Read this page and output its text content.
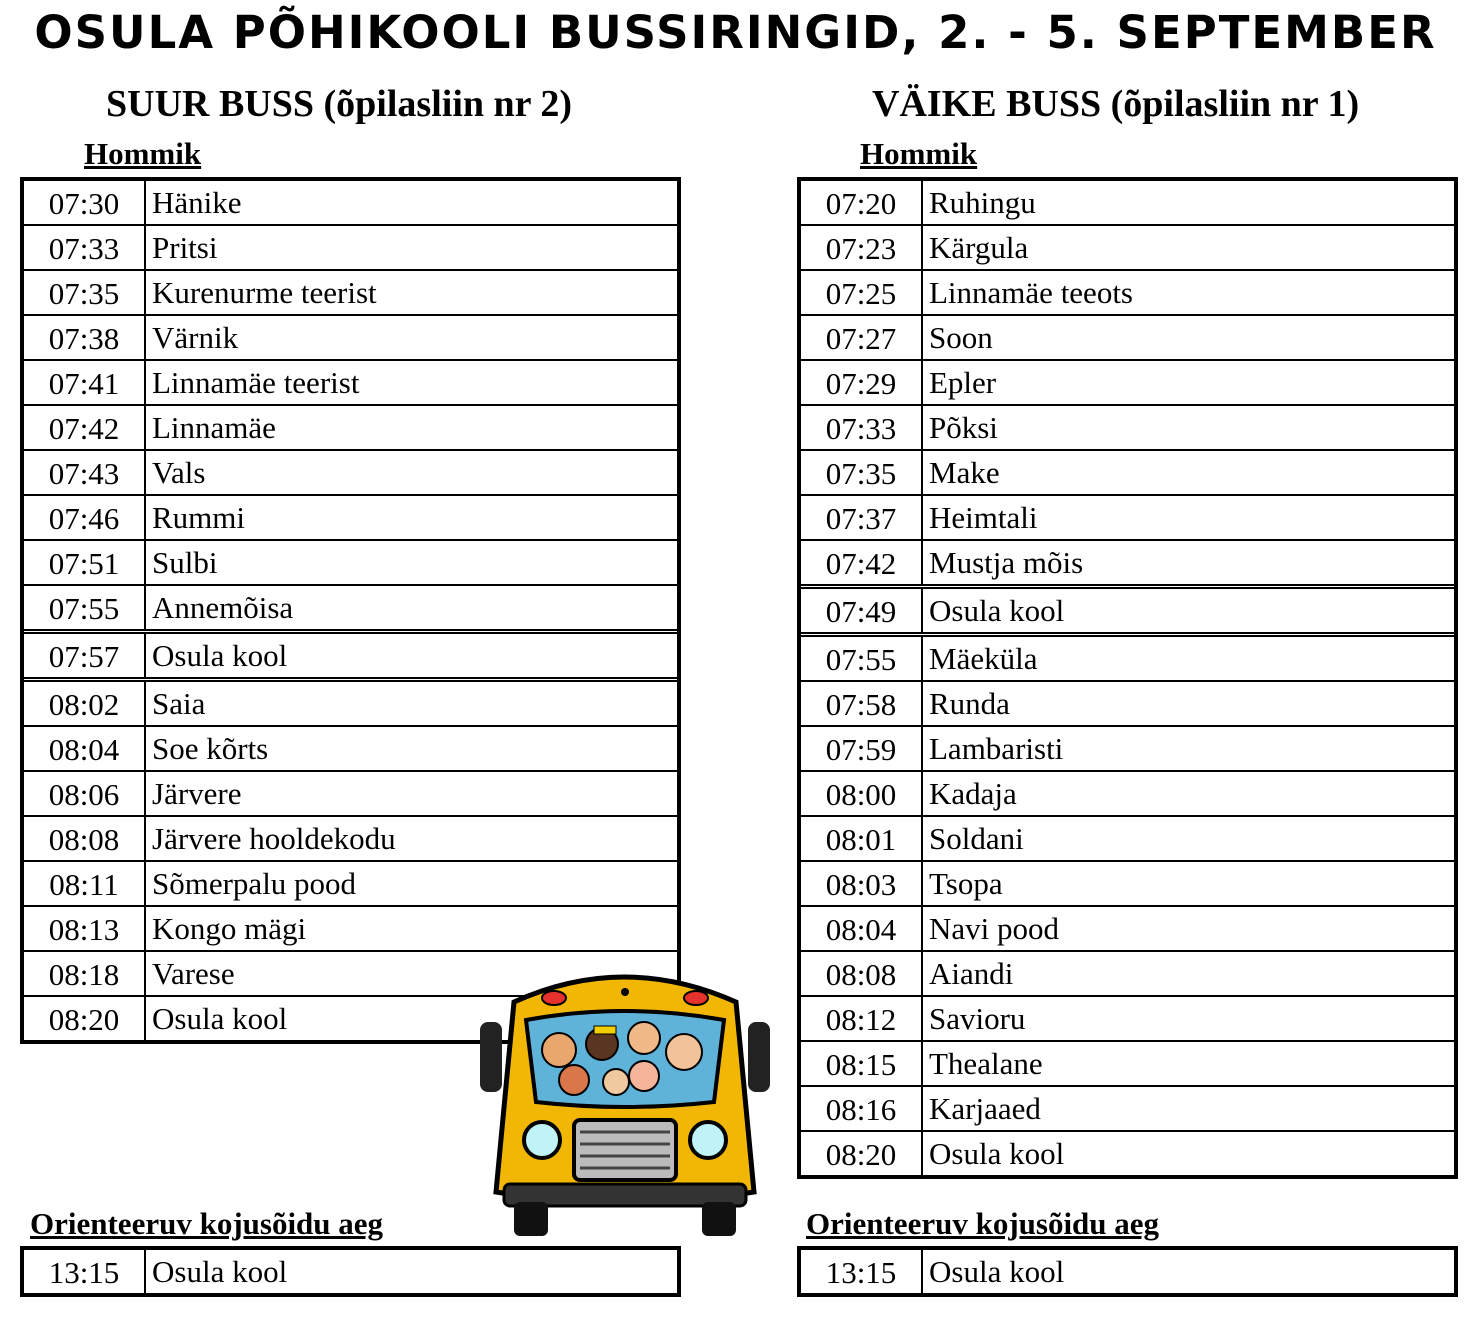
OSULA PÕHIKOOLI BUSSIRINGID, 2. - 5. SEPTEMBER
SUUR BUSS (õpilasliin nr 2)	VÄIKE BUSS (õpilasliin nr 1)
Hommik	Hommik
07:30	Hänike
07:33	Pritsi
07:35	Kurenurme teerist
07:38	Värnik
07:41	Linnamäe teerist
07:42	Linnamäe
07:43	Vals
07:46	Rummi
07:51	Sulbi
07:55	Annemõisa
07:57	Osula kool
08:02	Saia
08:04	Soe kõrts
08:06	Järvere
08:08	Järvere hooldekodu
08:11	Sõmerpalu pood
08:13	Kongo mägi
08:18	Varese
08:20	Osula kool
07:20	Ruhingu
07:23	Kärgula
07:25	Linnamäe teeots
07:27	Soon
07:29	Epler
07:33	Põksi
07:35	Make
07:37	Heimtali
07:42	Mustja mõis
07:49	Osula kool
07:55	Mäeküla
07:58	Runda
07:59	Lambaristi
08:00	Kadaja
08:01	Soldani
08:03	Tsopa
08:04	Navi pood
08:08	Aiandi
08:12	Savioru
08:15	Thealane
08:16	Karjaaed
08:20	Osula kool
Orienteeruv kojusõidu aeg	Orienteeruv kojusõidu aeg
13:15	Osula kool	13:15	Osula kool
